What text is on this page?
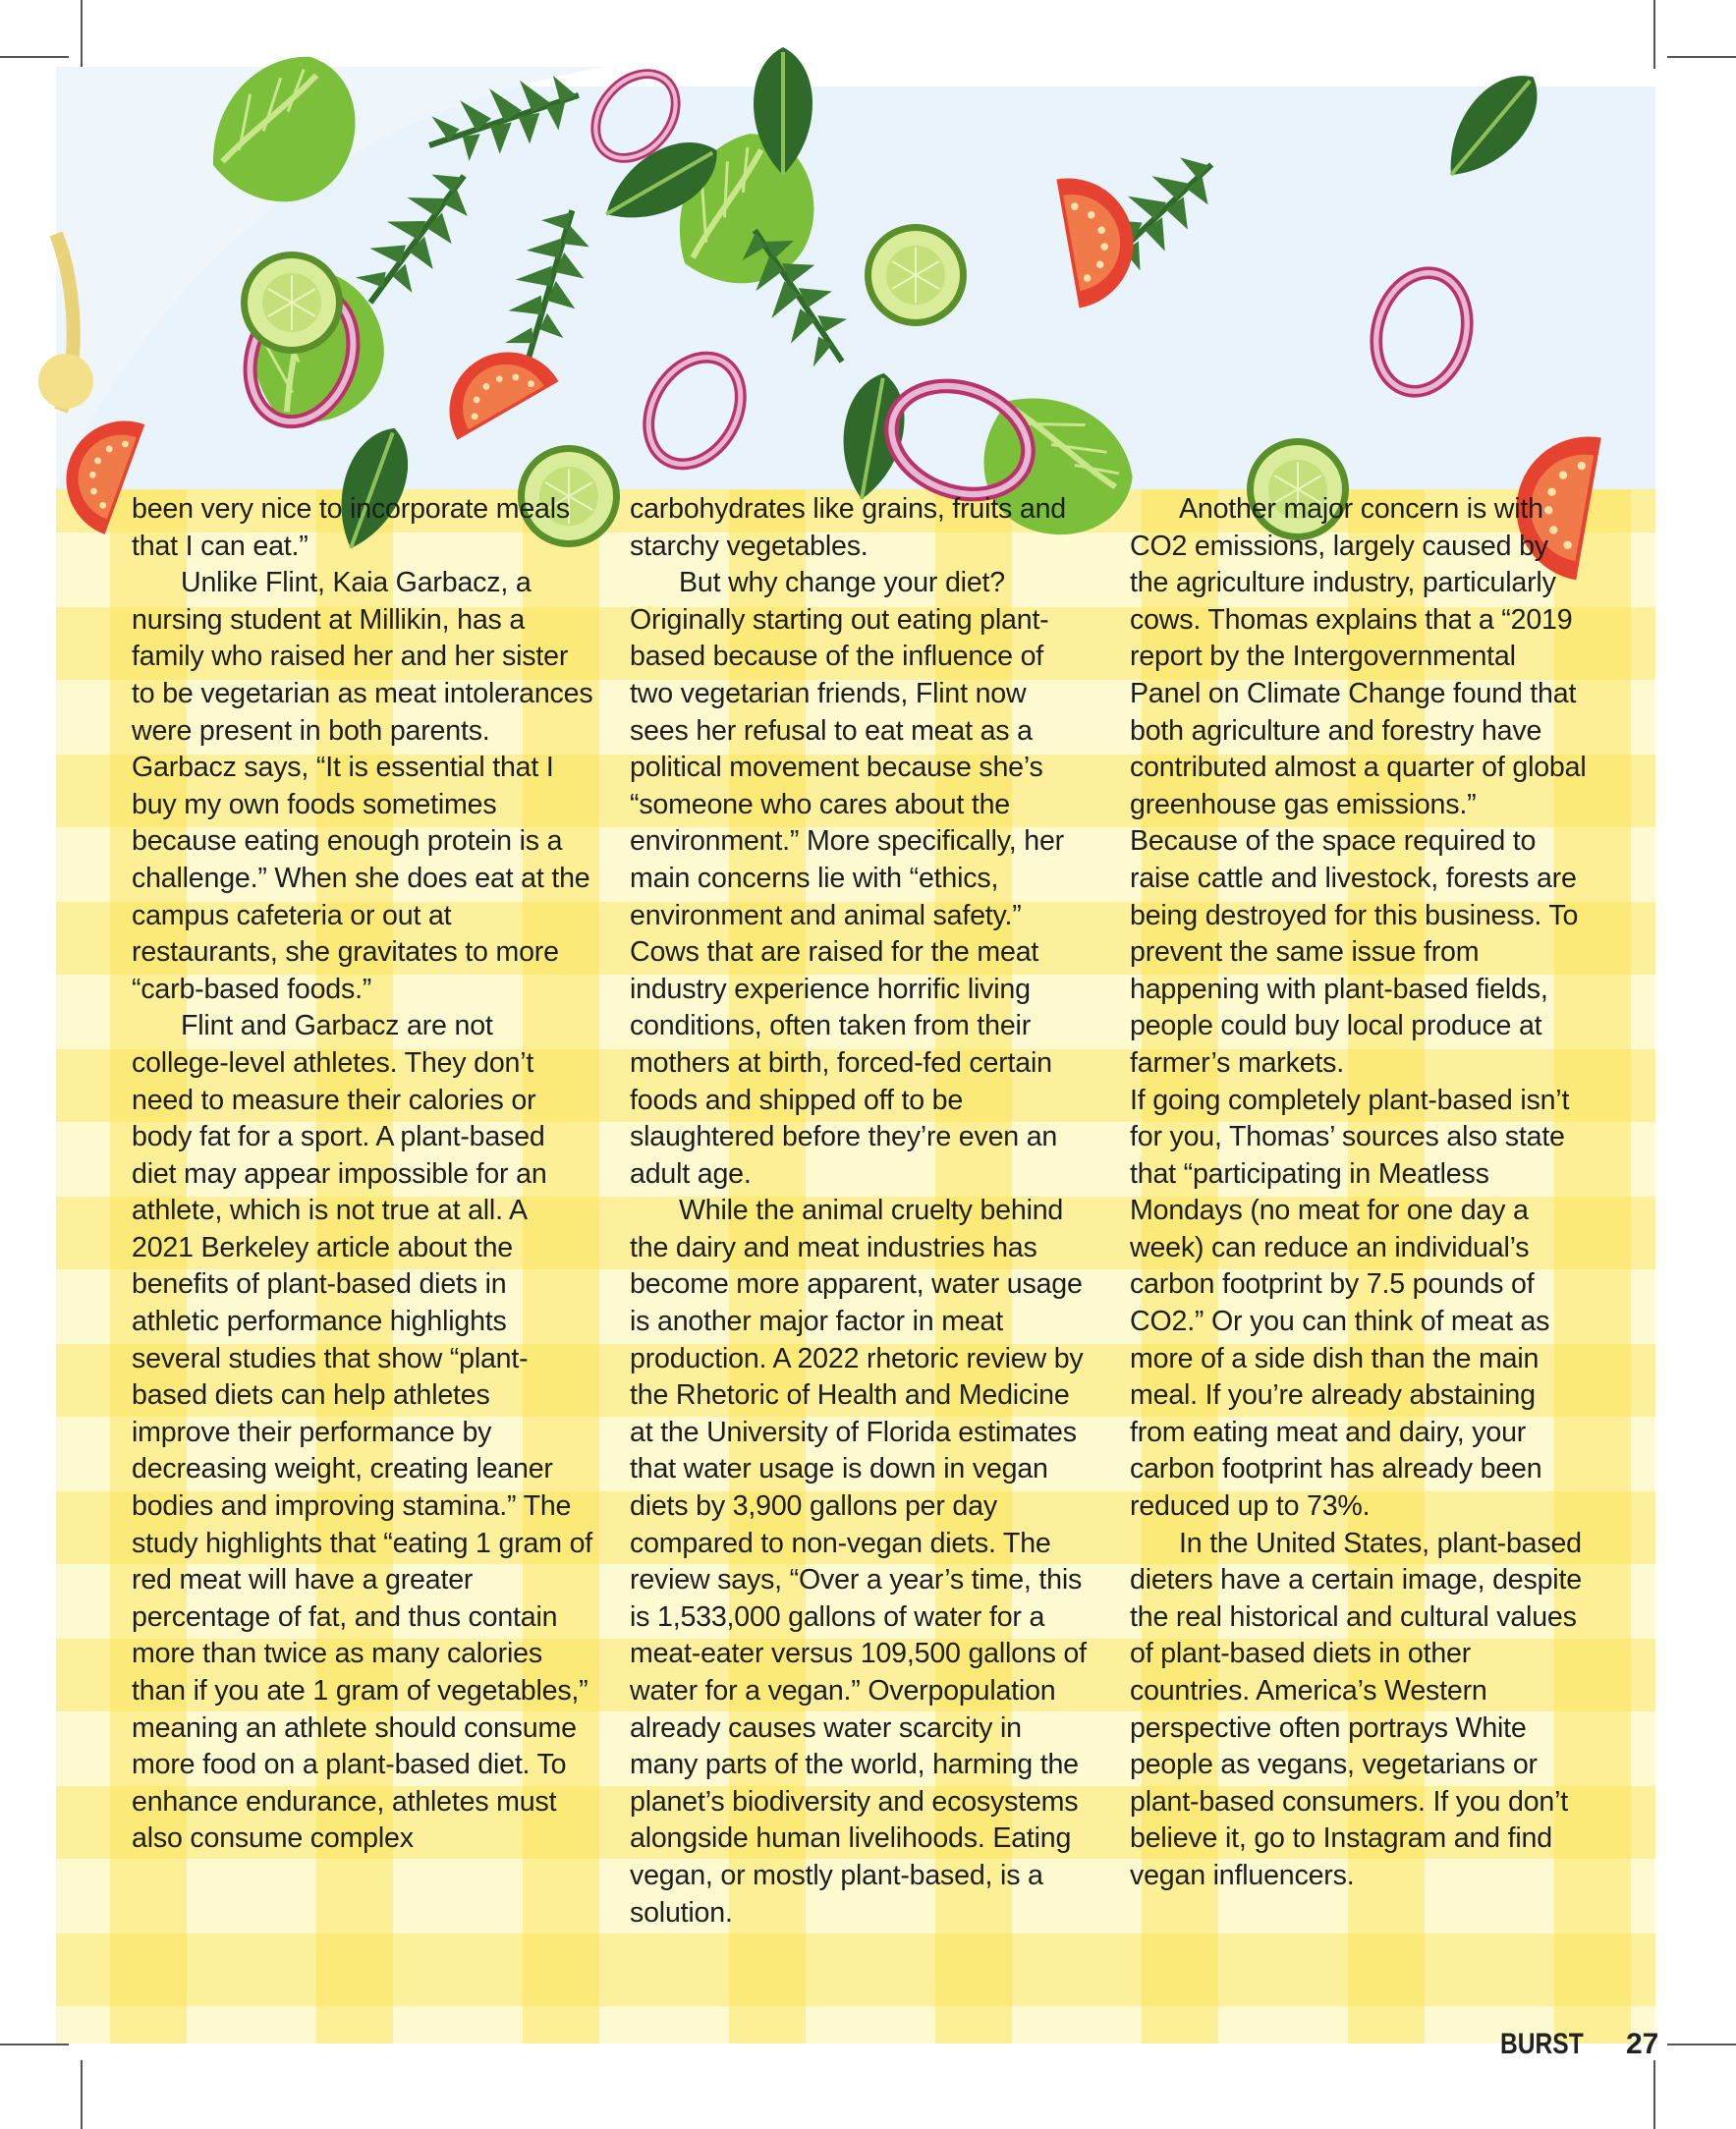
BURST 27

been very nice to incorporate meals that I can eat.”

Unlike Flint, Kaia Garbacz, a nursing student at Millikin, has a family who raised her and her sister to be vegetarian as meat intolerances were present in both parents. Garbacz says, “It is essential that I buy my own foods sometimes because eating enough protein is a challenge.” When she does eat at the campus cafeteria or out at restaurants, she gravitates to more “carb-based foods.”

Flint and Garbacz are not college-level athletes. They don’t need to measure their calories or body fat for a sport. A plant-based diet may appear impossible for an athlete, which is not true at all. A 2021 Berkeley article about the benefits of plant-based diets in athletic performance highlights several studies that show “plant-based diets can help athletes improve their performance by decreasing weight, creating leaner bodies and improving stamina.” The study highlights that “eating 1 gram of red meat will have a greater percentage of fat, and thus contain more than twice as many calories than if you ate 1 gram of vegetables,” meaning an athlete should consume more food on a plant-based diet. To enhance endurance, athletes must also consume complex

carbohydrates like grains, fruits and starchy vegetables.

But why change your diet? Originally starting out eating plant-based because of the influence of two vegetarian friends, Flint now sees her refusal to eat meat as a political movement because she’s “someone who cares about the environment.” More specifically, her main concerns lie with “ethics, environment and animal safety.” Cows that are raised for the meat industry experience horrific living conditions, often taken from their mothers at birth, forced-fed certain foods and shipped off to be slaughtered before they’re even an adult age.

While the animal cruelty behind the dairy and meat industries has become more apparent, water usage is another major factor in meat production. A 2022 rhetoric review by the Rhetoric of Health and Medicine at the University of Florida estimates that water usage is down in vegan diets by 3,900 gallons per day compared to non-vegan diets. The review says, “Over a year’s time, this is 1,533,000 gallons of water for a meat-eater versus 109,500 gallons of water for a vegan.” Overpopulation already causes water scarcity in many parts of the world, harming the planet’s biodiversity and ecosystems alongside human livelihoods. Eating vegan, or mostly plant-based, is a solution.

Another major concern is with CO2 emissions, largely caused by the agriculture industry, particularly cows. Thomas explains that a “2019 report by the Intergovernmental Panel on Climate Change found that both agriculture and forestry have contributed almost a quarter of global greenhouse gas emissions.” Because of the space required to raise cattle and livestock, forests are being destroyed for this business. To prevent the same issue from happening with plant-based fields, people could buy local produce at farmer’s markets.

If going completely plant-based isn’t for you, Thomas’ sources also state that “participating in Meatless Mondays (no meat for one day a week) can reduce an individual’s carbon footprint by 7.5 pounds of CO2.” Or you can think of meat as more of a side dish than the main meal. If you’re already abstaining from eating meat and dairy, your carbon footprint has already been reduced up to 73%.

In the United States, plant-based dieters have a certain image, despite the real historical and cultural values of plant-based diets in other countries. America’s Western perspective often portrays White people as vegans, vegetarians or plant-based consumers. If you don’t believe it, go to Instagram and find vegan influencers.
